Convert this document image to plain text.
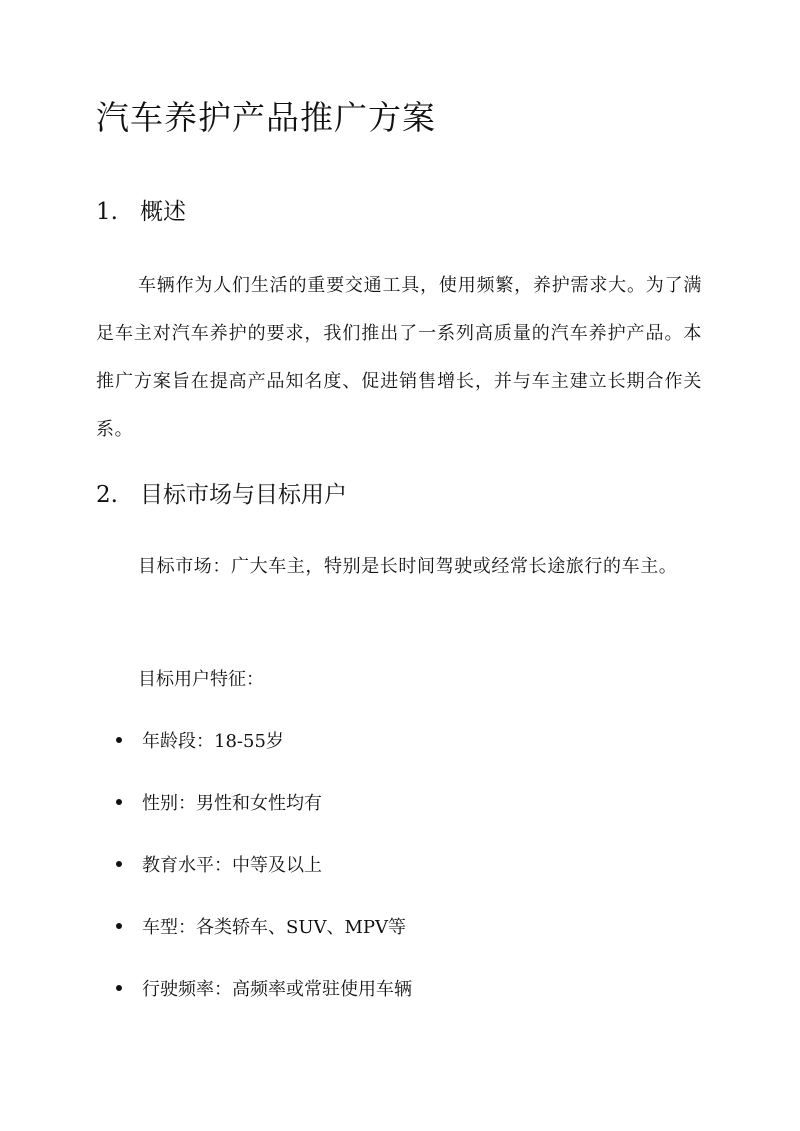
汽车养护产品推广方案
1. 概述

车辆作为人们生活的重要交通工具，使用频繁，养护需求大。为了满足车主对汽车养护的要求，我们推出了一系列高质量的汽车养护产品。本推广方案旨在提高产品知名度、促进销售增长，并与车主建立长期合作关系。

2. 目标市场与目标用户

目标市场：广大车主，特别是长时间驾驶或经常长途旅行的车主。

目标用户特征：

年龄段：18-55岁
性别：男性和女性均有
教育水平：中等及以上
车型：各类轿车、SUV、MPV等
行驶频率：高频率或常驻使用车辆
